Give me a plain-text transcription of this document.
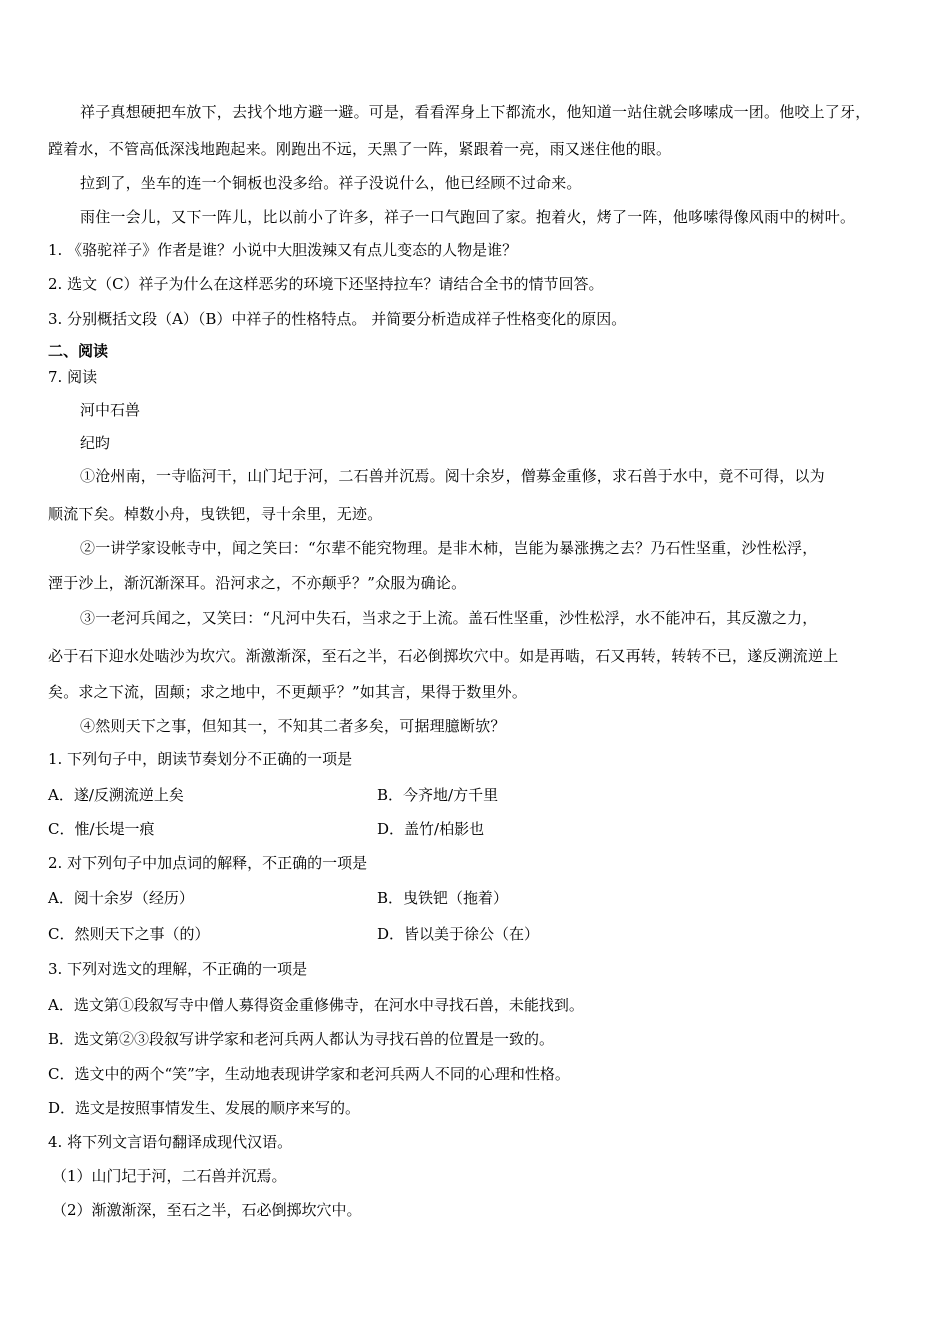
祥子真想硬把车放下，去找个地方避一避。可是，看看浑身上下都流水，他知道一站住就会哆嗦成一团。他咬上了牙，
蹚着水，不管高低深浅地跑起来。刚跑出不远，天黑了一阵，紧跟着一亮，雨又迷住他的眼。
拉到了，坐车的连一个铜板也没多给。祥子没说什么，他已经顾不过命来。
雨住一会儿，又下一阵儿，比以前小了许多，祥子一口气跑回了家。抱着火，烤了一阵，他哆嗦得像风雨中的树叶。
1. 《骆驼祥子》作者是谁？小说中大胆泼辣又有点儿变态的人物是谁？
2. 选文（C）祥子为什么在这样恶劣的环境下还坚持拉车？请结合全书的情节回答。
3. 分别概括文段（A）（B）中祥子的性格特点。 并简要分析造成祥子性格变化的原因。
二、阅读
7. 阅读
河中石兽
纪昀
①沧州南，一寺临河干，山门圮于河，二石兽并沉焉。阅十余岁，僧募金重修，求石兽于水中，竟不可得，以为
顺流下矣。棹数小舟，曳铁钯，寻十余里，无迹。
②一讲学家设帐寺中，闻之笑曰：“尔辈不能究物理。是非木柿，岂能为暴涨携之去？乃石性坚重，沙性松浮，
湮于沙上，渐沉渐深耳。沿河求之，不亦颠乎？”众服为确论。
③一老河兵闻之，又笑曰：“凡河中失石，当求之于上流。盖石性坚重，沙性松浮，水不能冲石，其反激之力，
必于石下迎水处啮沙为坎穴。渐激渐深，至石之半，石必倒掷坎穴中。如是再啮，石又再转，转转不已，遂反溯流逆上
矣。求之下流，固颠；求之地中，不更颠乎？”如其言，果得于数里外。
④然则天下之事，但知其一，不知其二者多矣，可据理臆断欤？
1. 下列句子中，朗读节奏划分不正确的一项是
A．遂/反溯流逆上矣	B．今齐地/方千里
C．惟/长堤一痕	D．盖竹/柏影也
2. 对下列句子中加点词的解释，不正确的一项是
A．阅十余岁（经历）	B．曳铁钯（拖着）
C．然则天下之事（的）	D．皆以美于徐公（在）
3. 下列对选文的理解，不正确的一项是
A．选文第①段叙写寺中僧人募得资金重修佛寺，在河水中寻找石兽，未能找到。
B．选文第②③段叙写讲学家和老河兵两人都认为寻找石兽的位置是一致的。
C．选文中的两个“笑”字，生动地表现讲学家和老河兵两人不同的心理和性格。
D．选文是按照事情发生、发展的顺序来写的。
4. 将下列文言语句翻译成现代汉语。
（1）山门圮于河，二石兽并沉焉。
（2）渐激渐深，至石之半，石必倒掷坎穴中。
